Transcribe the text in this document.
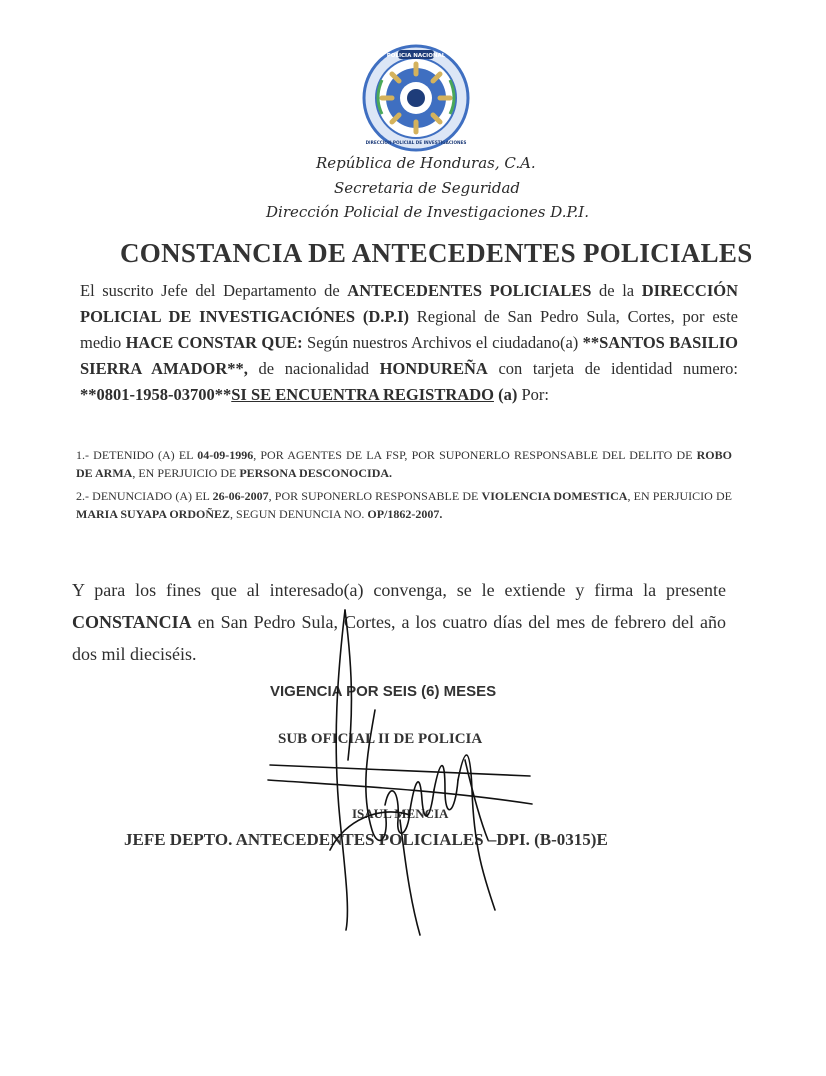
POLICIA NACIONAL
DIRECCION POLICIAL DE INVESTIGACIONES
República de Honduras, C.A.
Secretaria de Seguridad
Dirección Policial de Investigaciones D.P.I.
CONSTANCIA DE ANTECEDENTES POLICIALES
El suscrito Jefe del Departamento de ANTECEDENTES POLICIALES de la DIRECCIÓN POLICIAL DE INVESTIGACIÓNES (D.P.I) Regional de San Pedro Sula, Cortes, por este medio HACE CONSTAR QUE: Según nuestros Archivos el ciudadano(a) **SANTOS BASILIO SIERRA AMADOR**, de nacionalidad HONDUREÑA con tarjeta de identidad numero: **0801-1958-03700**SI SE ENCUENTRA REGISTRADO (a) Por:
1.- DETENIDO (A) EL 04-09-1996, POR AGENTES DE LA FSP, POR SUPONERLO RESPONSABLE DEL DELITO DE ROBO DE ARMA, EN PERJUICIO DE PERSONA DESCONOCIDA.
2.- DENUNCIADO (A) EL 26-06-2007, POR SUPONERLO RESPONSABLE DE VIOLENCIA DOMESTICA, EN PERJUICIO DE MARIA SUYAPA ORDOÑEZ, SEGUN DENUNCIA NO. OP/1862-2007.
Y para los fines que al interesado(a) convenga, se le extiende y firma la presente CONSTANCIA en San Pedro Sula, Cortes, a los cuatro días del mes de febrero del año dos mil dieciséis.
VIGENCIA POR SEIS (6) MESES
SUB OFICIAL II DE POLICIA
ISAUL MENCIA
JEFE DEPTO. ANTECEDENTES POLICIALES –DPI. (B-0315)E
